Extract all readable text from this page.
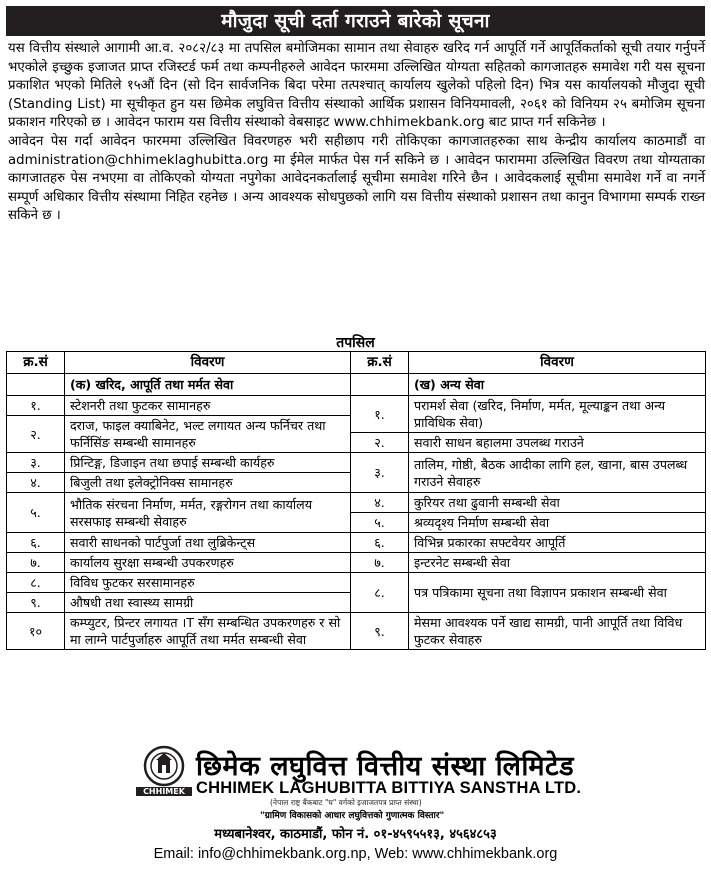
मौजुदा सूची दर्ता गराउने बारेको सूचना

यस वित्तीय संस्थाले आगामी आ.व. २०८२/८३ मा तपसिल बमोजिमका सामान तथा सेवाहरु खरिद गर्न आपूर्ति गर्ने आपूर्तिकर्ताको सूची तयार गर्नुपर्ने भएकोले इच्छुक इजाजत प्राप्त रजिस्टर्ड फर्म तथा कम्पनीहरुले आवेदन फारममा उल्लिखित योग्यता सहितको कागजातहरु समावेश गरी यस सूचना प्रकाशित भएको मितिले १५औं दिन (सो दिन सार्वजनिक बिदा परेमा तत्पश्चात् कार्यालय खुलेको पहिलो दिन) भित्र यस कार्यालयको मौजुदा सूची (Standing List) मा सूचीकृत हुन यस छिमेक लघुवित्त वित्तीय संस्थाको आर्थिक प्रशासन विनियमावली, २०६१ को विनियम २५ बमोजिम सूचना प्रकाशन गरिएको छ । आवेदन फाराम यस वित्तीय संस्थाको वेबसाइट www.chhimekbank.org बाट प्राप्त गर्न सकिनेछ ।

आवेदन पेस गर्दा आवेदन फारममा उल्लिखित विवरणहरु भरी सहीछाप गरी तोकिएका कागजातहरुका साथ केन्द्रीय कार्यालय काठमाडौं वा administration@chhimeklaghubitta.org मा ईमेल मार्फत पेस गर्न सकिने छ । आवेदन फाराममा उल्लिखित विवरण तथा योग्यताका कागजातहरु पेस नभएमा वा तोकिएको योग्यता नपुगेका आवेदनकर्तालाई सूचीमा समावेश गरिने छैन । आवेदकलाई सूचीमा समावेश गर्ने वा नगर्ने सम्पूर्ण अधिकार वित्तीय संस्थामा निहित रहनेछ । अन्य आवश्यक सोधपुछको लागि यस वित्तीय संस्थाको प्रशासन तथा कानुन विभागमा सम्पर्क राख्न सकिने छ ।

तपसिल
क्र.सं	विवरण	क्र.सं	विवरण
	(क) खरिद, आपूर्ति तथा मर्मत सेवा		(ख) अन्य सेवा
१.	स्टेशनरी तथा फुटकर सामानहरु	१.	परामर्श सेवा (खरिद, निर्माण, मर्मत, मूल्याङ्कन तथा अन्य प्राविधिक सेवा)
२.	दराज, फाइल क्याबिनेट, भल्ट लगायत अन्य फर्निचर तथा फर्निसिंङ सम्बन्धी सामानहरु		
		२.	सवारी साधन बहालमा उपलब्ध गराउने
३.	प्रिन्टिङ्ग, डिजाइन तथा छपाई सम्बन्धी कार्यहरु	३.	तालिम, गोष्ठी, बैठक आदीका लागि हल, खाना, बास उपलब्ध गराउने सेवाहरु
४.	बिजुली तथा इलेक्ट्रोनिक्स सामानहरु		
५.	भौतिक संरचना निर्माण, मर्मत, रङ्गरोगन तथा कार्यालय सरसफाइ सम्बन्धी सेवाहरु	४.	कुरियर तथा ढुवानी सम्बन्धी सेवा
		५.	श्रव्यदृश्य निर्माण सम्बन्धी सेवा
६.	सवारी साधनको पार्टपुर्जा तथा लुब्रिकेन्ट्स	६.	विभिन्न प्रकारका सफ्टवेयर आपूर्ति
७.	कार्यालय सुरक्षा सम्बन्धी उपकरणहरु	७.	इन्टरनेट सम्बन्धी सेवा
८.	विविध फुटकर सरसामानहरु	८.	पत्र पत्रिकामा सूचना तथा विज्ञापन प्रकाशन सम्बन्धी सेवा
९.	औषधी तथा स्वास्थ्य सामग्री		
१०	कम्प्युटर, प्रिन्टर लगायत ।T सँग सम्बन्धित उपकरणहरु र सो मा लाग्ने पार्टपुर्जाहरु आपूर्ति तथा मर्मत सम्बन्धी सेवा	९.	मेसमा आवश्यक पर्ने खाद्य सामग्री, पानी आपूर्ति तथा विविध फुटकर सेवाहरु
CHHIMEK
छिमेक लघुवित्त वित्तीय संस्था लिमिटेड
CHHIMEK LAGHUBITTA BITTIYA SANSTHA LTD.
(नेपाल राष्ट्र बैंकबाट "घ" वर्गको इजाजतपत्र प्राप्त संस्था)
"ग्रामिण विकासको आधार लघुवित्तको गुणात्मक विस्तार"
मध्यबानेश्वर, काठमाडौं, फोन नं. ०१-४५९५५१३, ४५६४८५३
Email: info@chhimekbank.org.np, Web: www.chhimekbank.org
